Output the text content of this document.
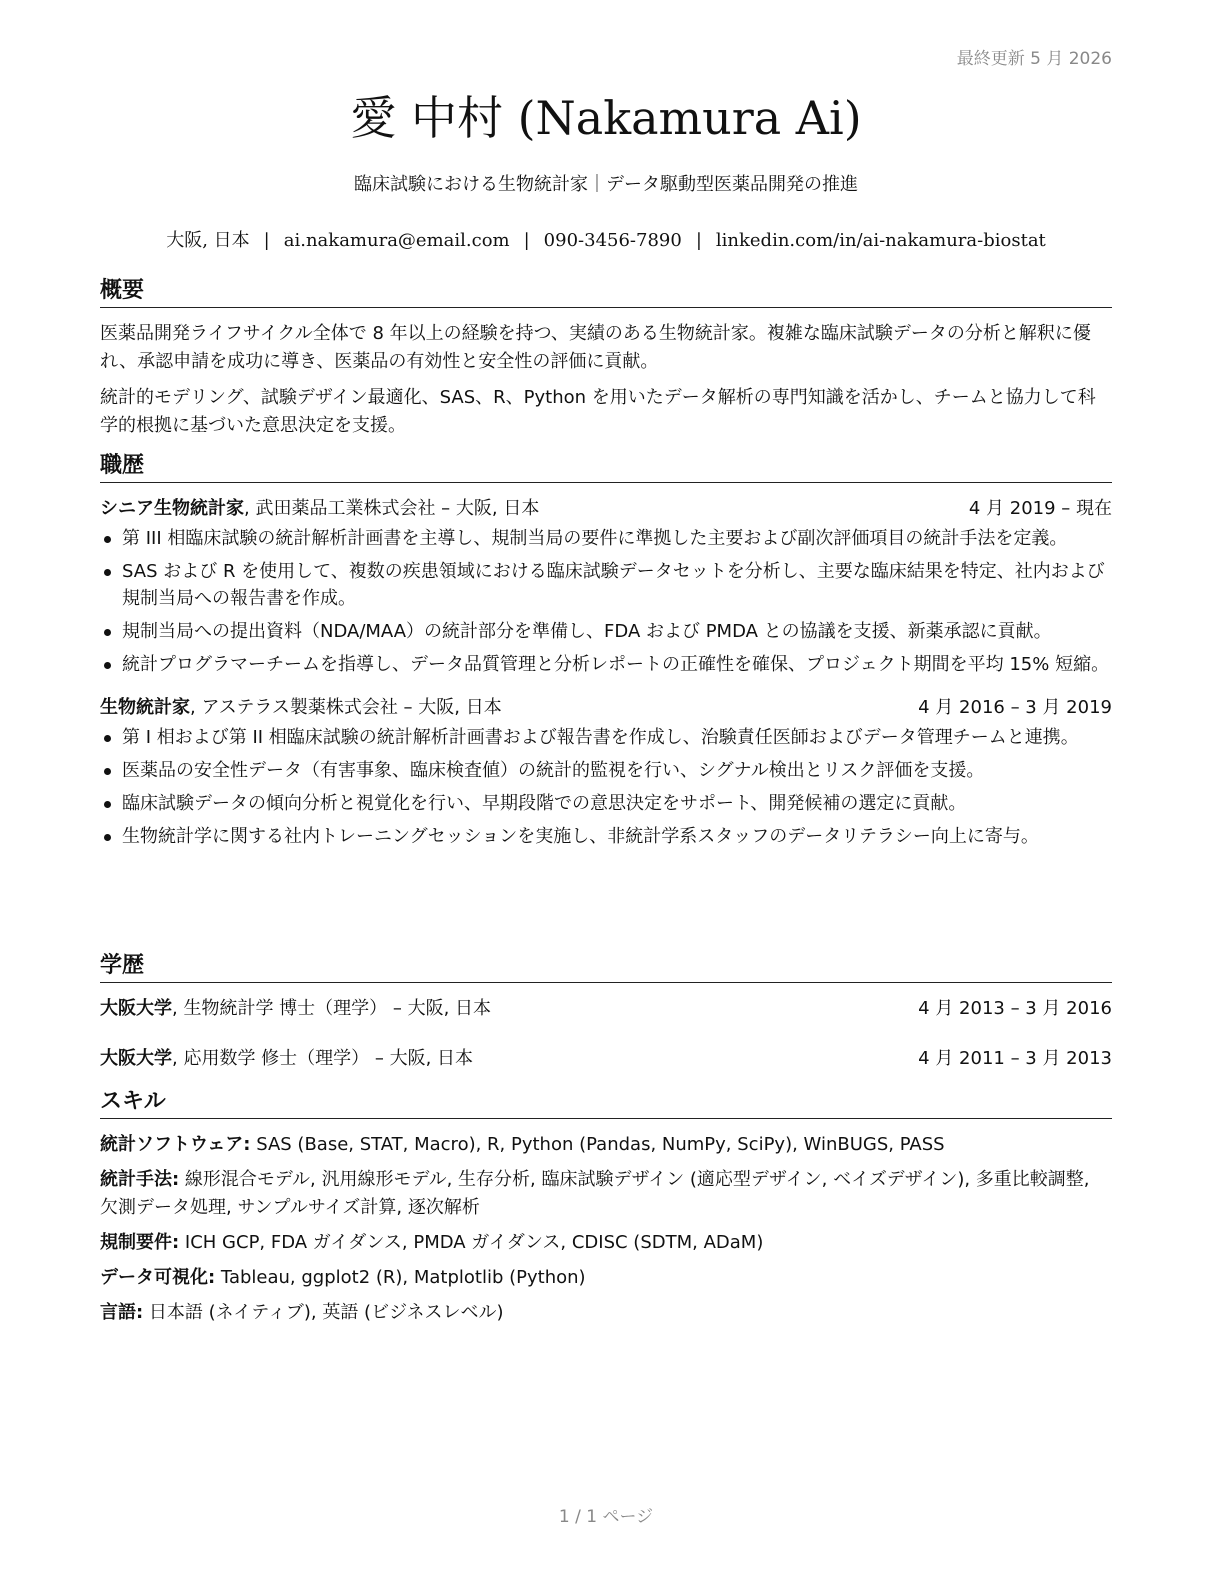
最終更新 5 月 2026
愛 中村 (Nakamura Ai)
臨床試験における生物統計家｜データ駆動型医薬品開発の推進
大阪, 日本 | ai.nakamura@email.com | 090-3456-7890 | linkedin.com/in/ai-nakamura-biostat
概要

医薬品開発ライフサイクル全体で 8 年以上の経験を持つ、実績のある生物統計家。複雑な臨床試験データの分析と解釈に優れ、承認申請を成功に導き、医薬品の有効性と安全性の評価に貢献。

統計的モデリング、試験デザイン最適化、SAS、R、Python を用いたデータ解析の専門知識を活かし、チームと協力して科学的根拠に基づいた意思決定を支援。

職歴
シニア生物統計家, 武田薬品工業株式会社 – 大阪, 日本	4 月 2019 – 現在
第 III 相臨床試験の統計解析計画書を主導し、規制当局の要件に準拠した主要および副次評価項目の統計手法を定義。
SAS および R を使用して、複数の疾患領域における臨床試験データセットを分析し、主要な臨床結果を特定、社内および規制当局への報告書を作成。
規制当局への提出資料（NDA/MAA）の統計部分を準備し、FDA および PMDA との協議を支援、新薬承認に貢献。
統計プログラマーチームを指導し、データ品質管理と分析レポートの正確性を確保、プロジェクト期間を平均 15% 短縮。
生物統計家, アステラス製薬株式会社 – 大阪, 日本	4 月 2016 – 3 月 2019
第 I 相および第 II 相臨床試験の統計解析計画書および報告書を作成し、治験責任医師およびデータ管理チームと連携。
医薬品の安全性データ（有害事象、臨床検査値）の統計的監視を行い、シグナル検出とリスク評価を支援。
臨床試験データの傾向分析と視覚化を行い、早期段階での意思決定をサポート、開発候補の選定に貢献。
生物統計学に関する社内トレーニングセッションを実施し、非統計学系スタッフのデータリテラシー向上に寄与。
学歴
大阪大学, 生物統計学 博士（理学） – 大阪, 日本	4 月 2013 – 3 月 2016
大阪大学, 応用数学 修士（理学） – 大阪, 日本	4 月 2011 – 3 月 2013
スキル
統計ソフトウェア: SAS (Base, STAT, Macro), R, Python (Pandas, NumPy, SciPy), WinBUGS, PASS
統計手法: 線形混合モデル, 汎用線形モデル, 生存分析, 臨床試験デザイン (適応型デザイン, ベイズデザイン), 多重比較調整, 欠測データ処理, サンプルサイズ計算, 逐次解析
規制要件: ICH GCP, FDA ガイダンス, PMDA ガイダンス, CDISC (SDTM, ADaM)
データ可視化: Tableau, ggplot2 (R), Matplotlib (Python)
言語: 日本語 (ネイティブ), 英語 (ビジネスレベル)
1 / 1 ページ
